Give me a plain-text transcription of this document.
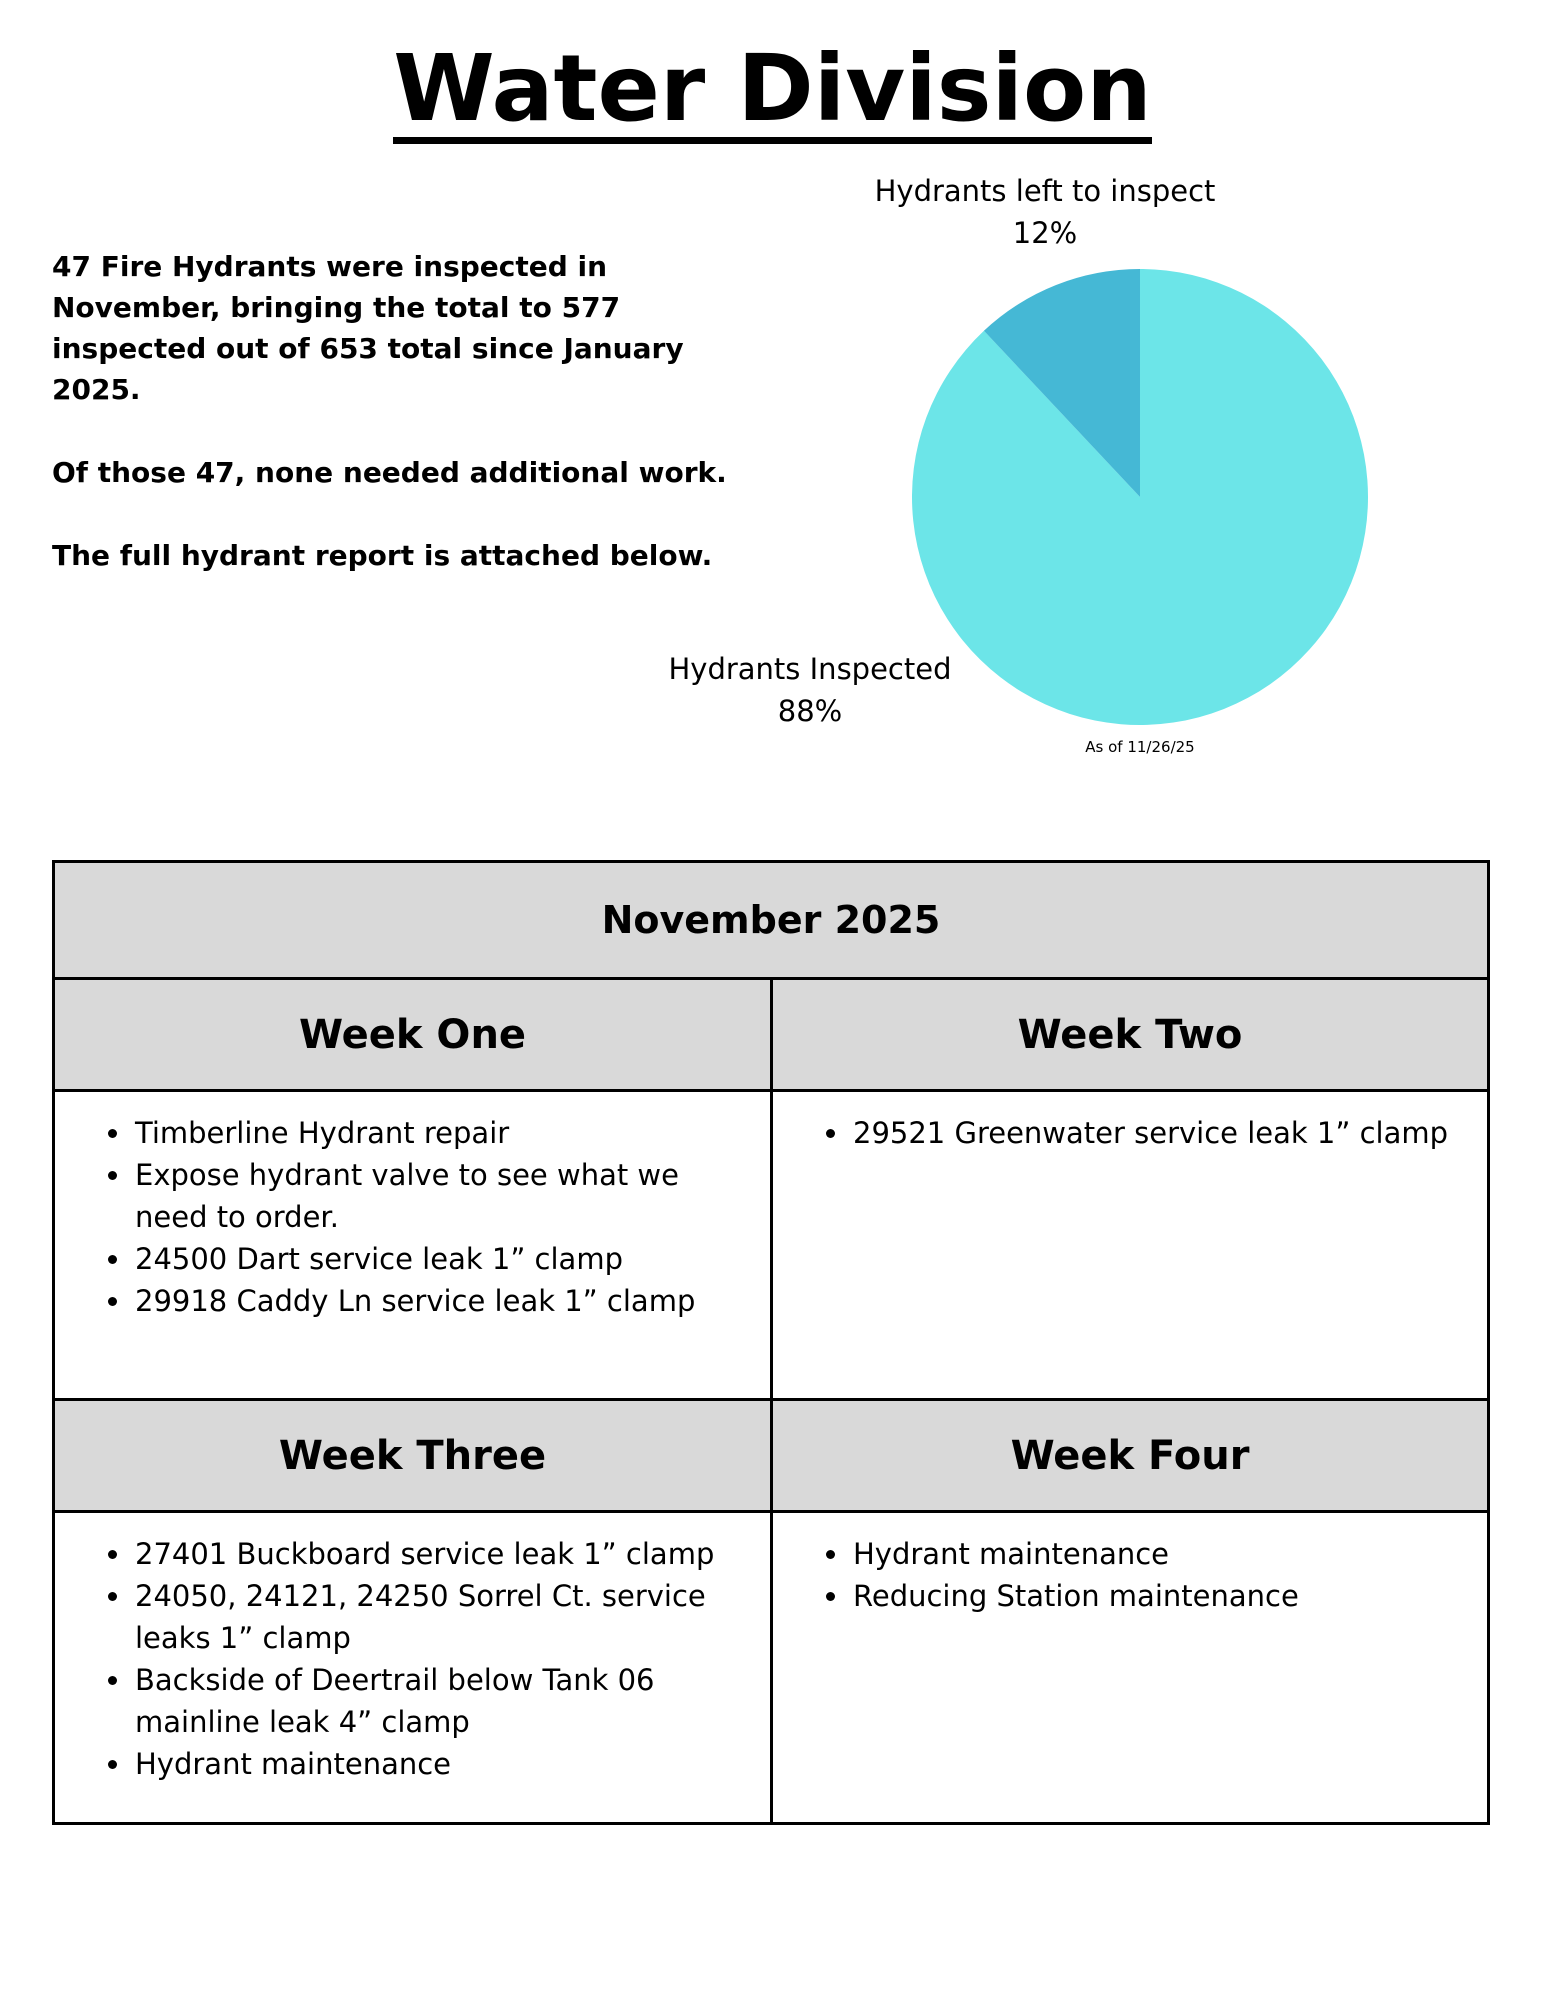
Water Division

47 Fire Hydrants were inspected in November, bringing the total to 577 inspected out of 653 total since January 2025.

Of those 47, none needed additional work.

The full hydrant report is attached below.

Hydrants left to inspect
12%
Hydrants Inspected
88%
As of 11/26/25
November 2025
Week One	Week Two
• Timberline Hydrant repair
• Expose hydrant valve to see what we need to order.
• 24500 Dart service leak 1” clamp
• 29918 Caddy Ln service leak 1” clamp
• 29521 Greenwater service leak 1” clamp
Week Three	Week Four
• 27401 Buckboard service leak 1” clamp
• 24050, 24121, 24250 Sorrel Ct. service leaks 1” clamp
• Backside of Deertrail below Tank 06 mainline leak 4” clamp
• Hydrant maintenance
• Hydrant maintenance
• Reducing Station maintenance
